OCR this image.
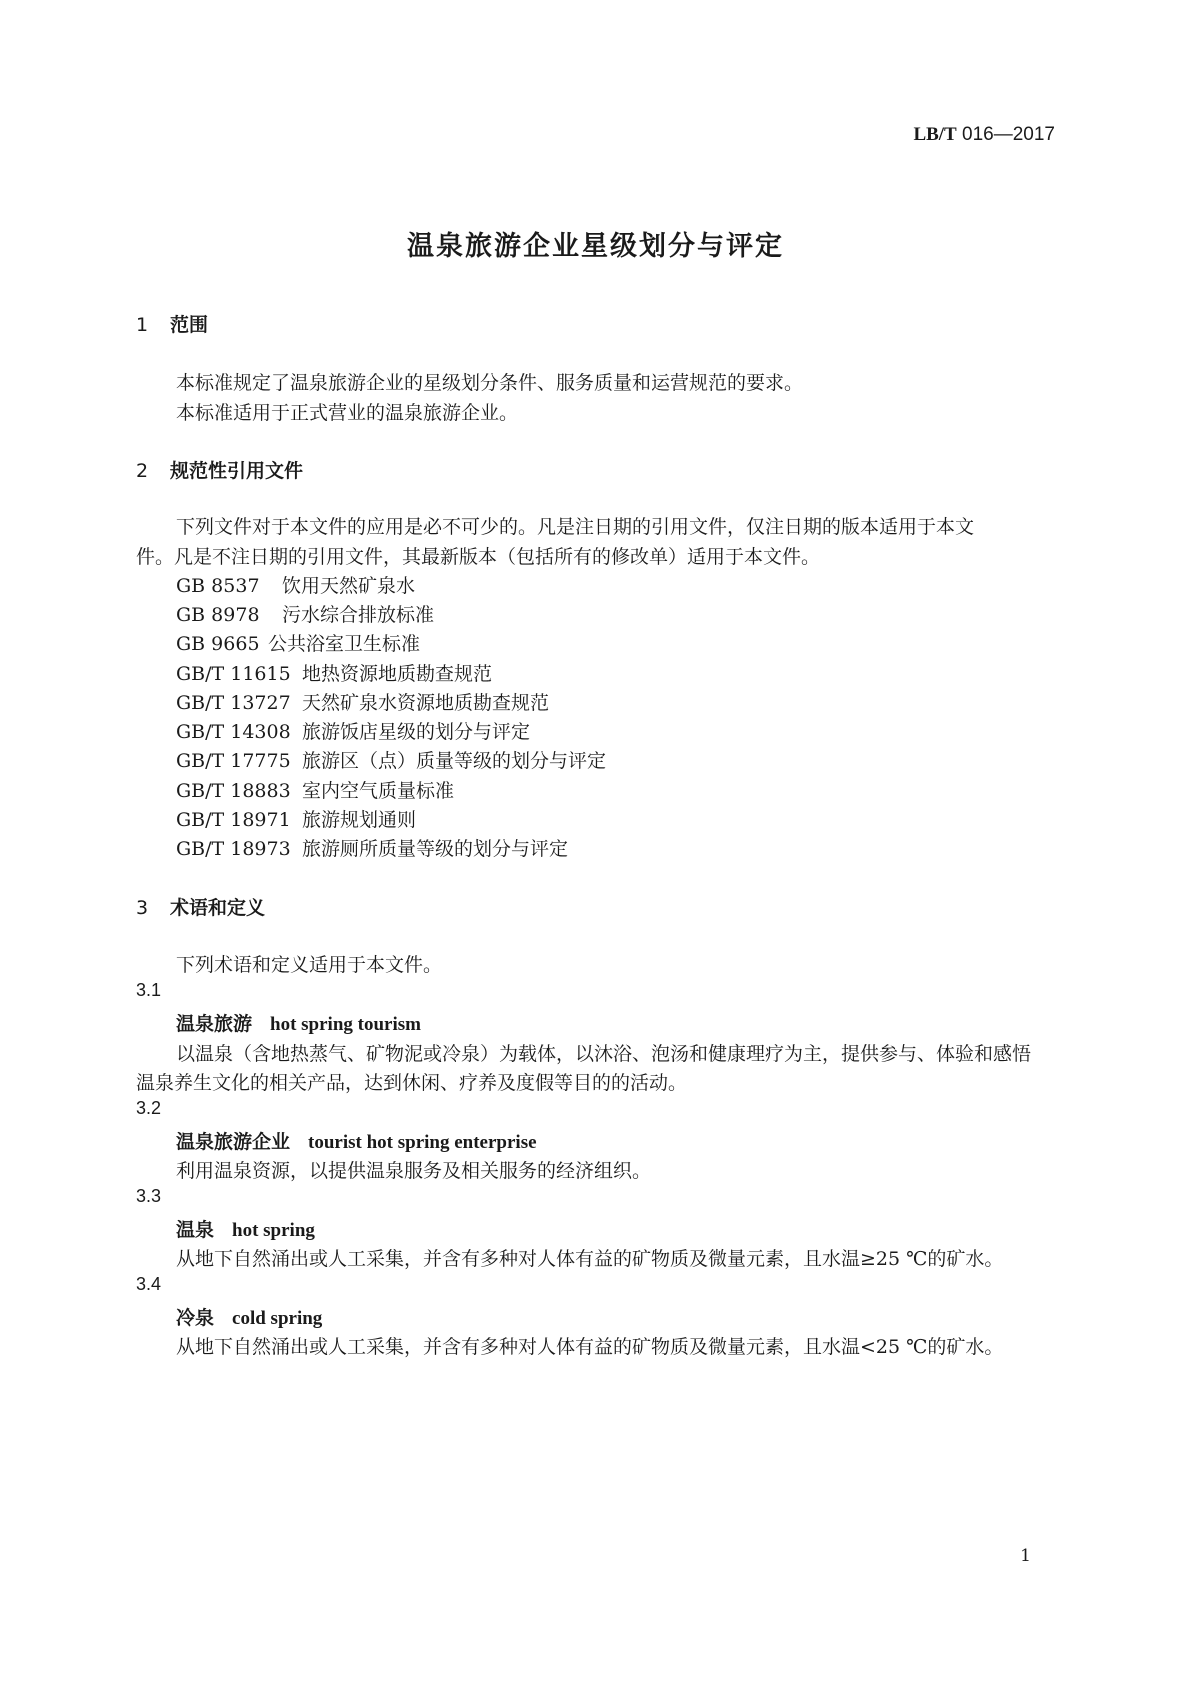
LB/T 016—2017
温泉旅游企业星级划分与评定
1 范围
本标准规定了温泉旅游企业的星级划分条件、服务质量和运营规范的要求。
本标准适用于正式营业的温泉旅游企业。
2 规范性引用文件
下列文件对于本文件的应用是必不可少的。凡是注日期的引用文件，仅注日期的版本适用于本文
件。凡是不注日期的引用文件，其最新版本（包括所有的修改单）适用于本文件。
GB 8537 饮用天然矿泉水
GB 8978 污水综合排放标准
GB 9665 公共浴室卫生标准
GB/T 11615 地热资源地质勘查规范
GB/T 13727 天然矿泉水资源地质勘查规范
GB/T 14308 旅游饭店星级的划分与评定
GB/T 17775 旅游区（点）质量等级的划分与评定
GB/T 18883 室内空气质量标准
GB/T 18971 旅游规划通则
GB/T 18973 旅游厕所质量等级的划分与评定
3 术语和定义
下列术语和定义适用于本文件。
3.1
温泉旅游 hot spring tourism
以温泉（含地热蒸气、矿物泥或冷泉）为载体，以沐浴、泡汤和健康理疗为主，提供参与、体验和感悟
温泉养生文化的相关产品，达到休闲、疗养及度假等目的的活动。
3.2
温泉旅游企业 tourist hot spring enterprise
利用温泉资源，以提供温泉服务及相关服务的经济组织。
3.3
温泉 hot spring
从地下自然涌出或人工采集，并含有多种对人体有益的矿物质及微量元素，且水温≥25 ℃的矿水。
3.4
冷泉 cold spring
从地下自然涌出或人工采集，并含有多种对人体有益的矿物质及微量元素，且水温<25 ℃的矿水。
1
